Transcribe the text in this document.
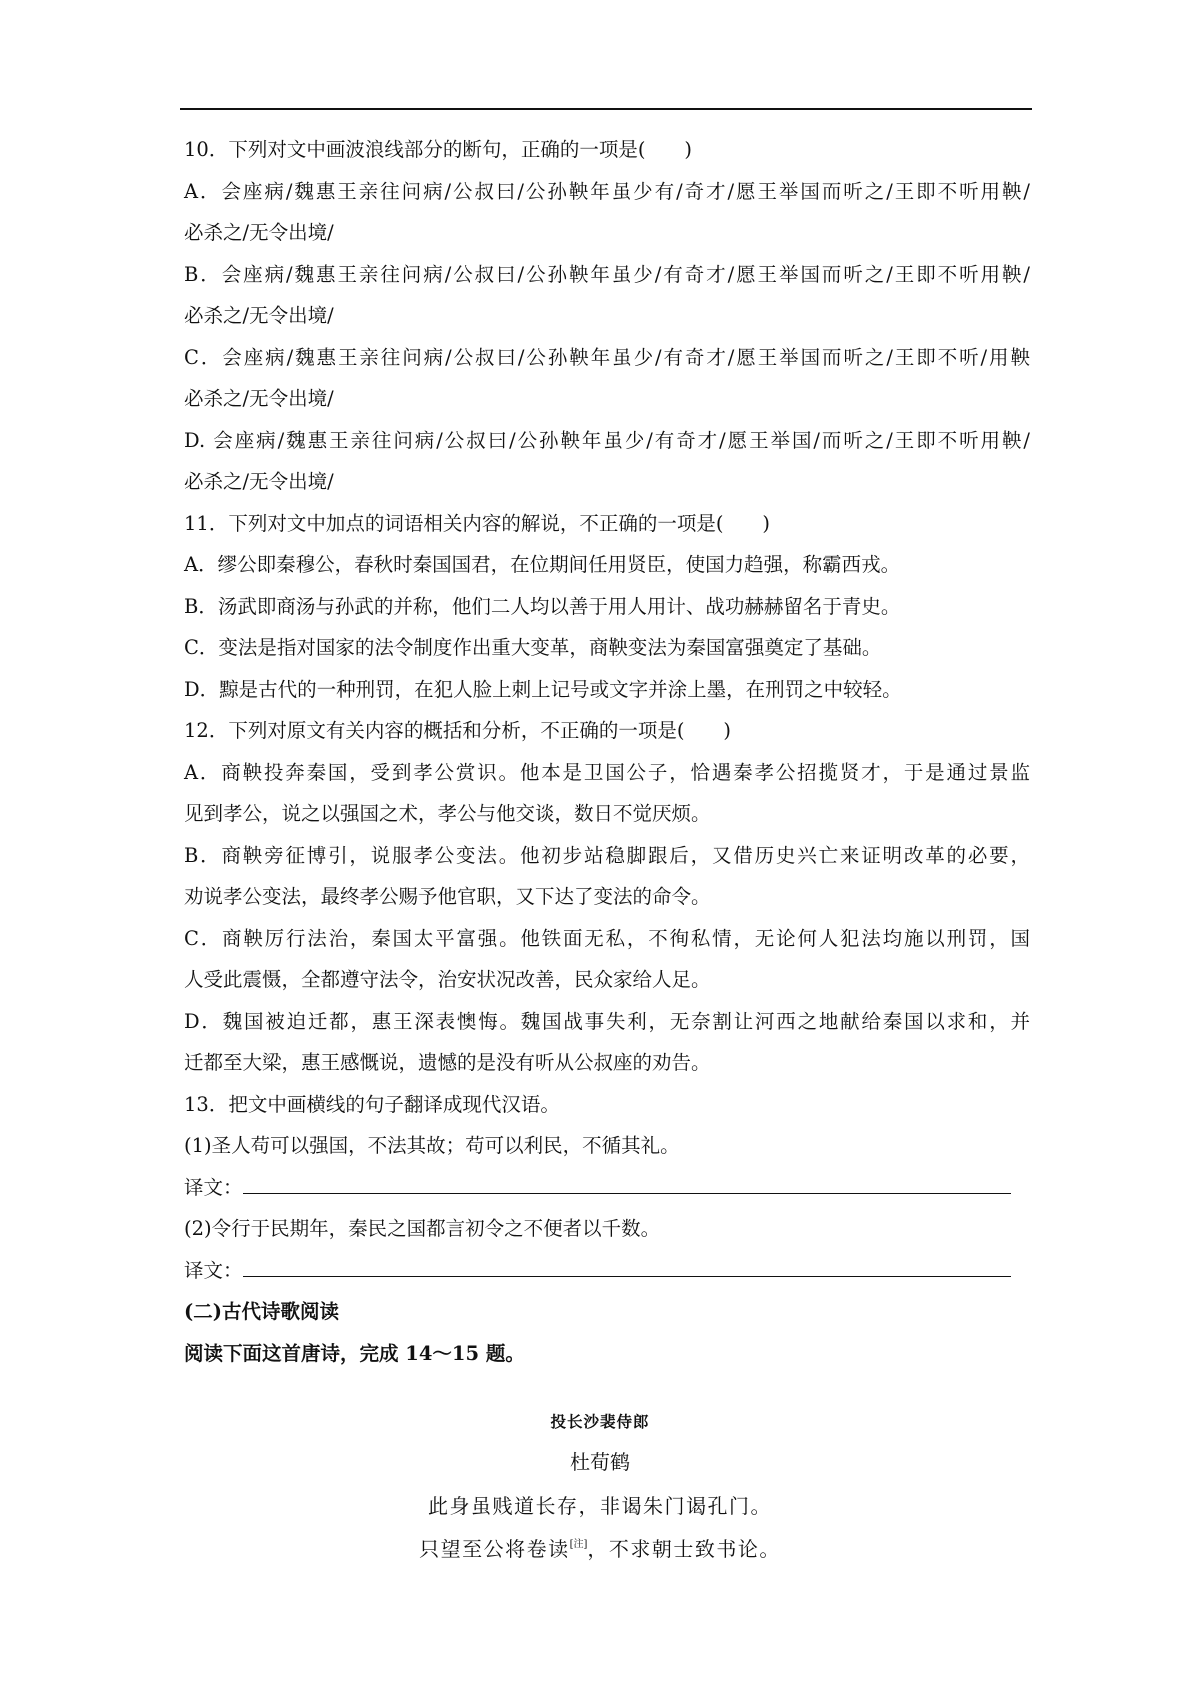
10．下列对文中画波浪线部分的断句，正确的一项是(　　)
A．会座病/魏惠王亲往问病/公叔曰/公孙鞅年虽少有/奇才/愿王举国而听之/王即不听用鞅/
必杀之/无令出境/
B．会座病/魏惠王亲往问病/公叔曰/公孙鞅年虽少/有奇才/愿王举国而听之/王即不听用鞅/
必杀之/无令出境/
C．会座病/魏惠王亲往问病/公叔曰/公孙鞅年虽少/有奇才/愿王举国而听之/王即不听/用鞅
必杀之/无令出境/
D. 会座病/魏惠王亲往问病/公叔曰/公孙鞅年虽少/有奇才/愿王举国/而听之/王即不听用鞅/
必杀之/无令出境/
11．下列对文中加点的词语相关内容的解说，不正确的一项是(　　)
A．缪公即秦穆公，春秋时秦国国君，在位期间任用贤臣，使国力趋强，称霸西戎。
B．汤武即商汤与孙武的并称，他们二人均以善于用人用计、战功赫赫留名于青史。
C．变法是指对国家的法令制度作出重大变革，商鞅变法为秦国富强奠定了基础。
D．黥是古代的一种刑罚，在犯人脸上刺上记号或文字并涂上墨，在刑罚之中较轻。
12．下列对原文有关内容的概括和分析，不正确的一项是(　　)
A．商鞅投奔秦国，受到孝公赏识。他本是卫国公子，恰遇秦孝公招揽贤才，于是通过景监
见到孝公，说之以强国之术，孝公与他交谈，数日不觉厌烦。
B．商鞅旁征博引，说服孝公变法。他初步站稳脚跟后，又借历史兴亡来证明改革的必要，
劝说孝公变法，最终孝公赐予他官职，又下达了变法的命令。
C．商鞅厉行法治，秦国太平富强。他铁面无私，不徇私情，无论何人犯法均施以刑罚，国
人受此震慑，全都遵守法令，治安状况改善，民众家给人足。
D．魏国被迫迁都，惠王深表懊悔。魏国战事失利，无奈割让河西之地献给秦国以求和，并
迁都至大梁，惠王感慨说，遗憾的是没有听从公叔座的劝告。
13．把文中画横线的句子翻译成现代汉语。
(1)圣人苟可以强国，不法其故；苟可以利民，不循其礼。
译文：
(2)令行于民期年，秦民之国都言初令之不便者以千数。
译文：
(二)古代诗歌阅读
阅读下面这首唐诗，完成 14～15 题。
投长沙裴侍郎
杜荀鹤
此身虽贱道长存，非谒朱门谒孔门。
只望至公将卷读[注]，不求朝士致书论。
